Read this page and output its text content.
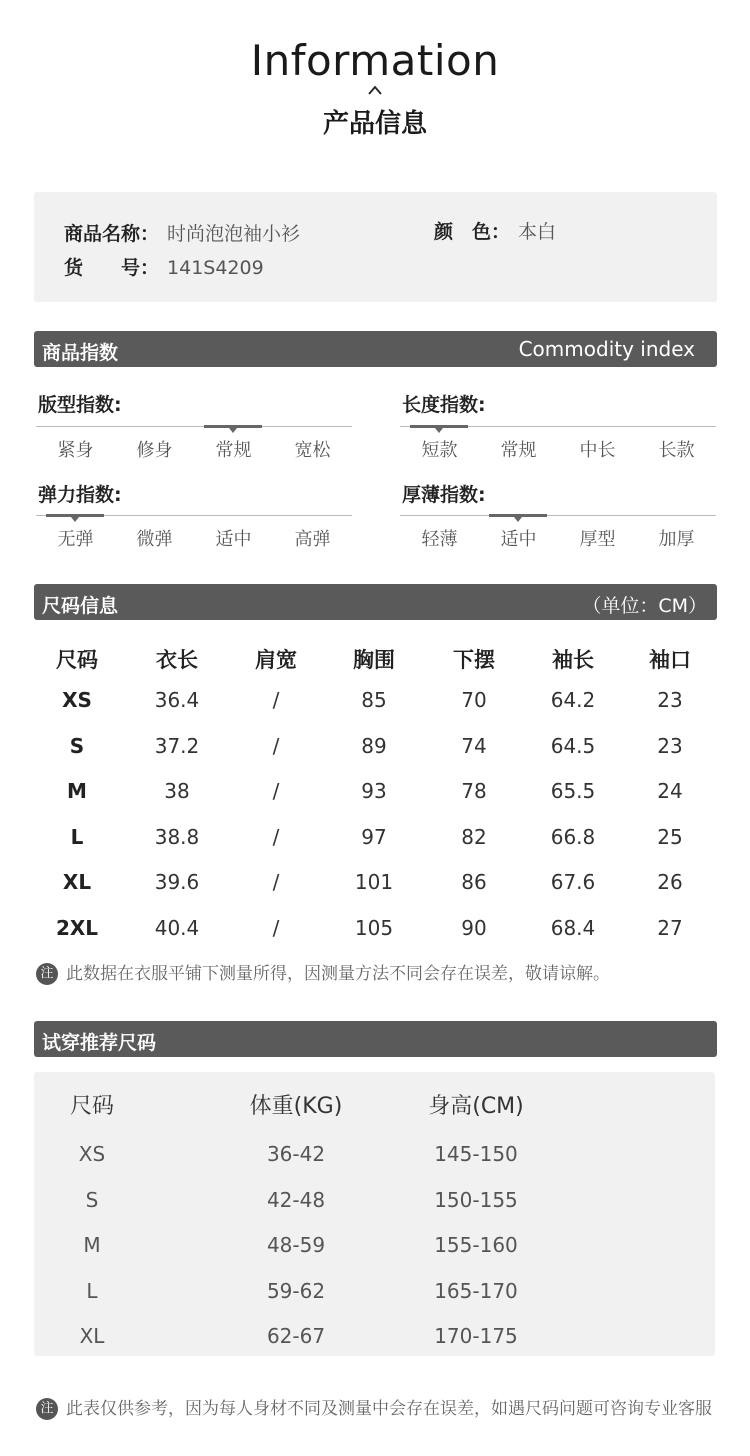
Information
产品信息
商品名称： 时尚泡泡袖小衫	颜　色： 本白
货　　号： 141S4209
商品指数	Commodity index
版型指数:
紧身	修身	常规	宽松
长度指数:
短款	常规	中长	长款
弹力指数:
无弹	微弹	适中	高弹
厚薄指数:
轻薄	适中	厚型	加厚
尺码信息	（单位：CM）
尺码	衣长	肩宽	胸围	下摆	袖长	袖口
XS	36.4	/	85	70	64.2	23
S	37.2	/	89	74	64.5	23
M	38	/	93	78	65.5	24
L	38.8	/	97	82	66.8	25
XL	39.6	/	101	86	67.6	26
2XL	40.4	/	105	90	68.4	27
注 此数据在衣服平铺下测量所得，因测量方法不同会存在误差，敬请谅解。
试穿推荐尺码
尺码	体重(KG)	身高(CM)
XS	36-42	145-150
S	42-48	150-155
M	48-59	155-160
L	59-62	165-170
XL	62-67	170-175
注 此表仅供参考，因为每人身材不同及测量中会存在误差，如遇尺码问题可咨询专业客服
